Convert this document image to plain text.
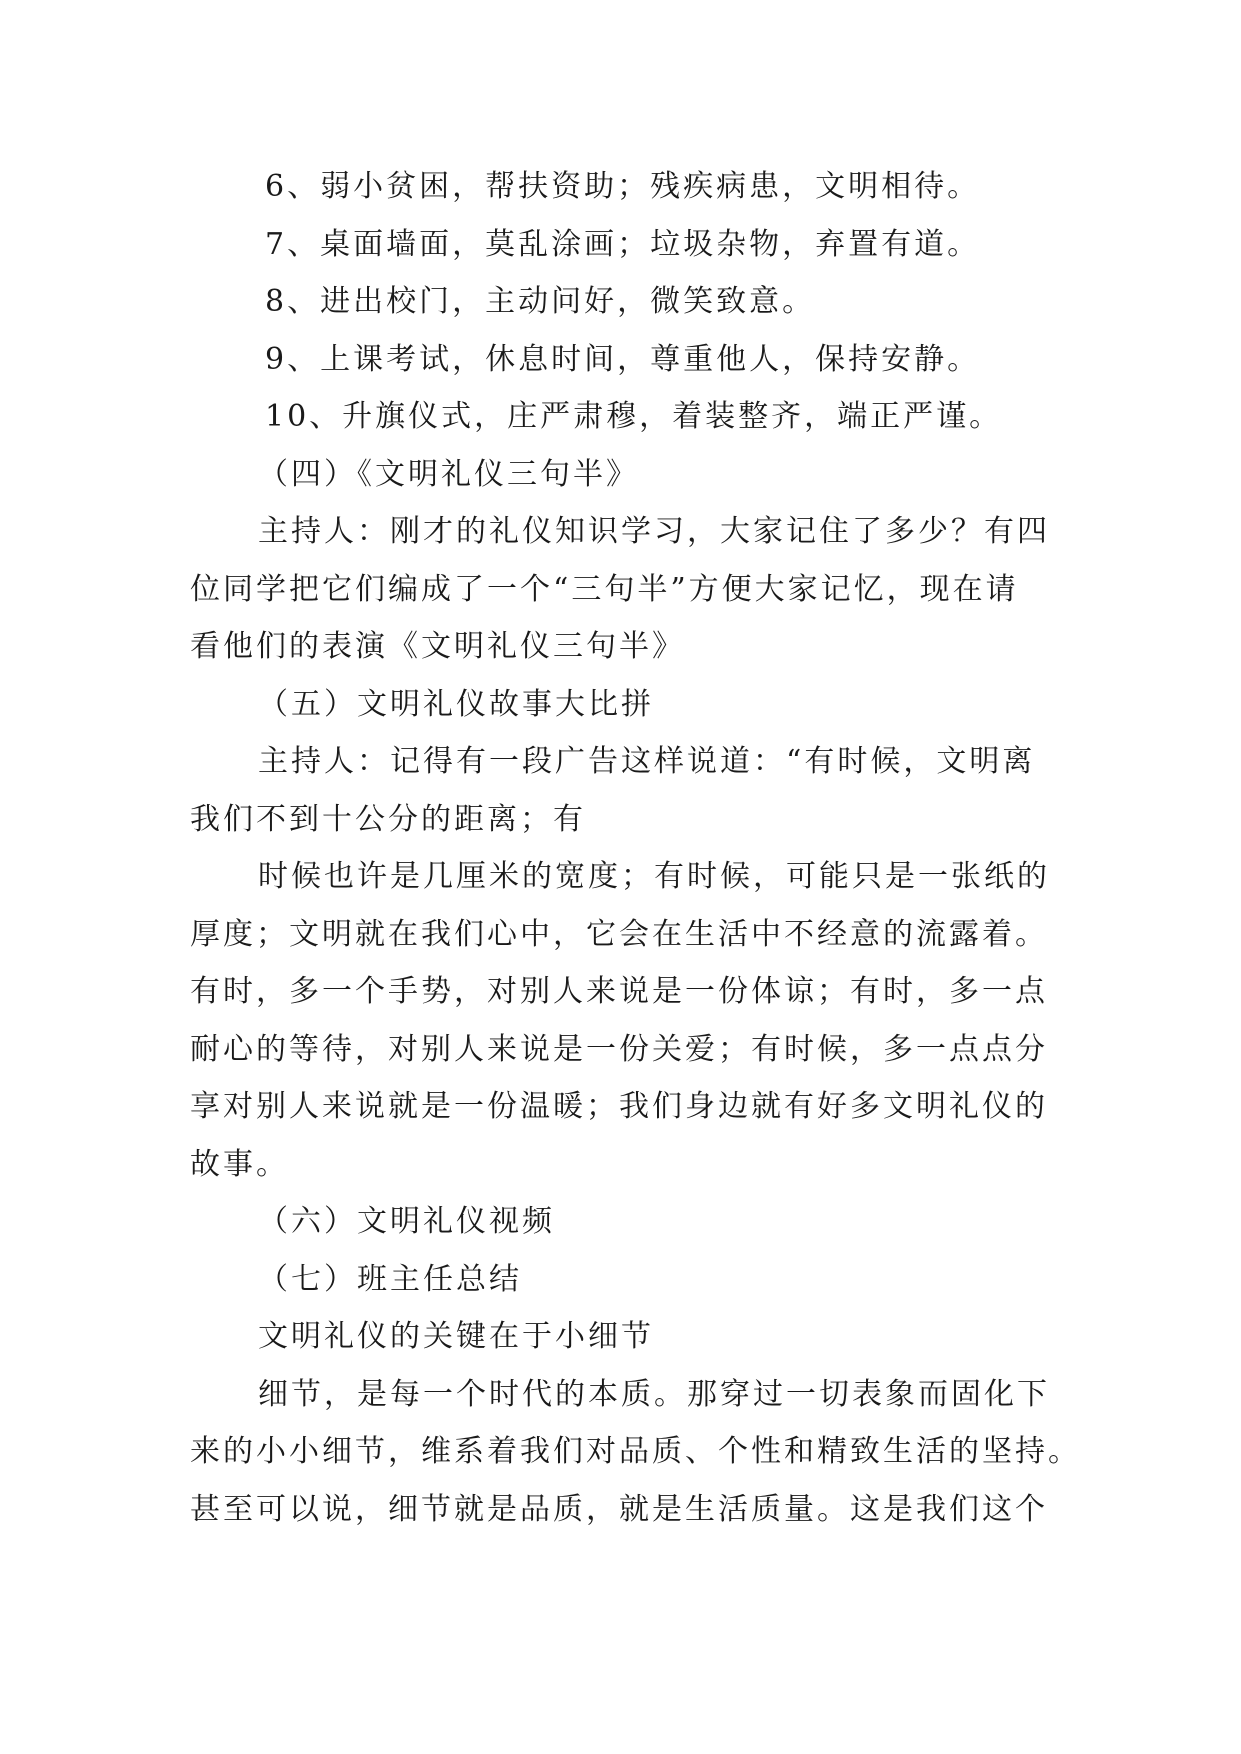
6、弱小贫困，帮扶资助；残疾病患，文明相待。
7、桌面墙面，莫乱涂画；垃圾杂物，弃置有道。
8、进出校门，主动问好，微笑致意。
9、上课考试，休息时间，尊重他人，保持安静。
10、升旗仪式，庄严肃穆，着装整齐，端正严谨。
（四）《文明礼仪三句半》
主持人：刚才的礼仪知识学习，大家记住了多少？有四
位同学把它们编成了一个“三句半”方便大家记忆，现在请
看他们的表演《文明礼仪三句半》
（五）文明礼仪故事大比拼
主持人：记得有一段广告这样说道：“有时候，文明离
我们不到十公分的距离；有
时候也许是几厘米的宽度；有时候，可能只是一张纸的
厚度；文明就在我们心中，它会在生活中不经意的流露着。
有时，多一个手势，对别人来说是一份体谅；有时，多一点
耐心的等待，对别人来说是一份关爱；有时候，多一点点分
享对别人来说就是一份温暖；我们身边就有好多文明礼仪的
故事。
（六）文明礼仪视频
（七）班主任总结
文明礼仪的关键在于小细节
细节，是每一个时代的本质。那穿过一切表象而固化下
来的小小细节，维系着我们对品质、个性和精致生活的坚持。
甚至可以说，细节就是品质，就是生活质量。这是我们这个
